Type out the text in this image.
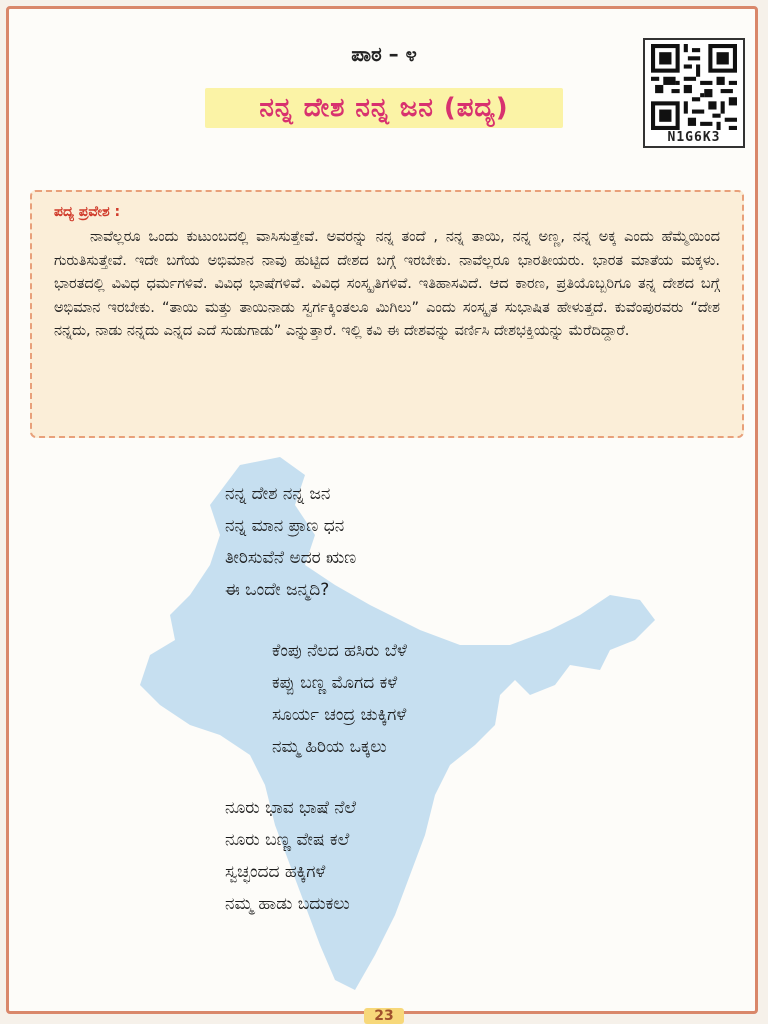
ಪಾಠ – ೪
ನನ್ನ ದೇಶ ನನ್ನ ಜನ (ಪದ್ಯ)
N1G6K3
ಪದ್ಯ ಪ್ರವೇಶ :

ನಾವೆಲ್ಲರೂ ಒಂದು ಕುಟುಂಬದಲ್ಲಿ ವಾಸಿಸುತ್ತೇವೆ. ಅವರನ್ನು ನನ್ನ ತಂದೆ , ನನ್ನ ತಾಯಿ, ನನ್ನ ಅಣ್ಣ, ನನ್ನ ಅಕ್ಕ ಎಂದು ಹೆಮ್ಮೆಯಿಂದ ಗುರುತಿಸುತ್ತೇವೆ. ಇದೇ ಬಗೆಯ ಅಭಿಮಾನ ನಾವು ಹುಟ್ಟಿದ ದೇಶದ ಬಗ್ಗೆ ಇರಬೇಕು. ನಾವೆಲ್ಲರೂ ಭಾರತೀಯರು. ಭಾರತ ಮಾತೆಯ ಮಕ್ಕಳು. ಭಾರತದಲ್ಲಿ ವಿವಿಧ ಧರ್ಮಗಳಿವೆ. ವಿವಿಧ ಭಾಷೆಗಳಿವೆ. ವಿವಿಧ ಸಂಸ್ಕೃತಿಗಳಿವೆ. ಇತಿಹಾಸವಿದೆ. ಆದ ಕಾರಣ, ಪ್ರತಿಯೊಬ್ಬರಿಗೂ ತನ್ನ ದೇಶದ ಬಗ್ಗೆ ಅಭಿಮಾನ ಇರಬೇಕು. “ತಾಯಿ ಮತ್ತು ತಾಯಿನಾಡು ಸ್ವರ್ಗಕ್ಕಿಂತಲೂ ಮಿಗಿಲು” ಎಂದು ಸಂಸ್ಕೃತ ಸುಭಾಷಿತ ಹೇಳುತ್ತದೆ. ಕುವೆಂಪುರವರು “ದೇಶ ನನ್ನದು, ನಾಡು ನನ್ನದು ಎನ್ನದ ಎದೆ ಸುಡುಗಾಡು” ಎನ್ನುತ್ತಾರೆ. ಇಲ್ಲಿ ಕವಿ ಈ ದೇಶವನ್ನು ವರ್ಣಿಸಿ ದೇಶಭಕ್ತಿಯನ್ನು ಮೆರೆದಿದ್ದಾರೆ.

ನನ್ನ ದೇಶ ನನ್ನ ಜನ
ನನ್ನ ಮಾನ ಪ್ರಾಣ ಧನ
ತೀರಿಸುವೆನೆ ಅದರ ಋಣ
ಈ ಒಂದೇ ಜನ್ಮದಿ?
ಕೆಂಪು ನೆಲದ ಹಸಿರು ಬೆಳೆ
ಕಪ್ಪು ಬಣ್ಣ ಮೊಗದ ಕಳೆ
ಸೂರ್ಯ ಚಂದ್ರ ಚುಕ್ಕಿಗಳೆ
ನಮ್ಮ ಹಿರಿಯ ಒಕ್ಕಲು
ನೂರು ಭಾವ ಭಾಷೆ ನೆಲೆ
ನೂರು ಬಣ್ಣ ವೇಷ ಕಲೆ
ಸ್ವಚ್ಛಂದದ ಹಕ್ಕಿಗಳೆ
ನಮ್ಮ ಹಾಡು ಬದುಕಲು
23
